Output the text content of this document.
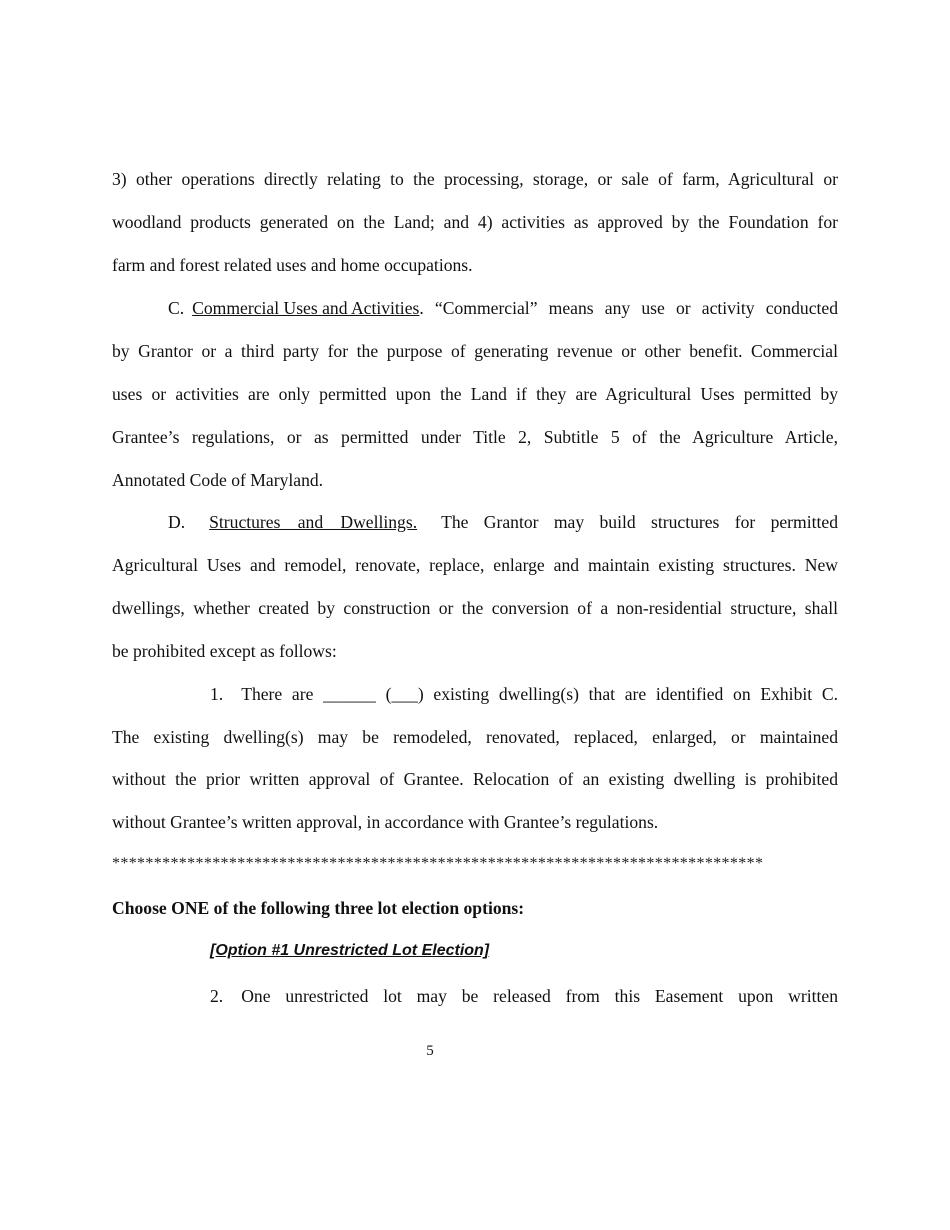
3) other operations directly relating to the processing, storage, or sale of farm, Agricultural or
woodland products generated on the Land; and 4) activities as approved by the Foundation for
farm and forest related uses and home occupations.
C. Commercial Uses and Activities . “Commercial” means any use or activity conducted
by Grantor or a third party for the purpose of generating revenue or other benefit. Commercial
uses or activities are only permitted upon the Land if they are Agricultural Uses permitted by
Grantee’s regulations, or as permitted under Title 2, Subtitle 5 of the Agriculture Article,
Annotated Code of Maryland.
D. Structures and Dwellings. The Grantor may build structures for permitted
Agricultural Uses and remodel, renovate, replace, enlarge and maintain existing structures. New
dwellings, whether created by construction or the conversion of a non-residential structure, shall
be prohibited except as follows:
1. There are ______ (___) existing dwelling(s) that are identified on Exhibit C.
The existing dwelling(s) may be remodeled, renovated, replaced, enlarged, or maintained
without the prior written approval of Grantee. Relocation of an existing dwelling is prohibited
without Grantee’s written approval, in accordance with Grantee’s regulations.
******************************************************************************
Choose ONE of the following three lot election options:
[Option #1 Unrestricted Lot Election]
2. One unrestricted lot may be released from this Easement upon written
5
